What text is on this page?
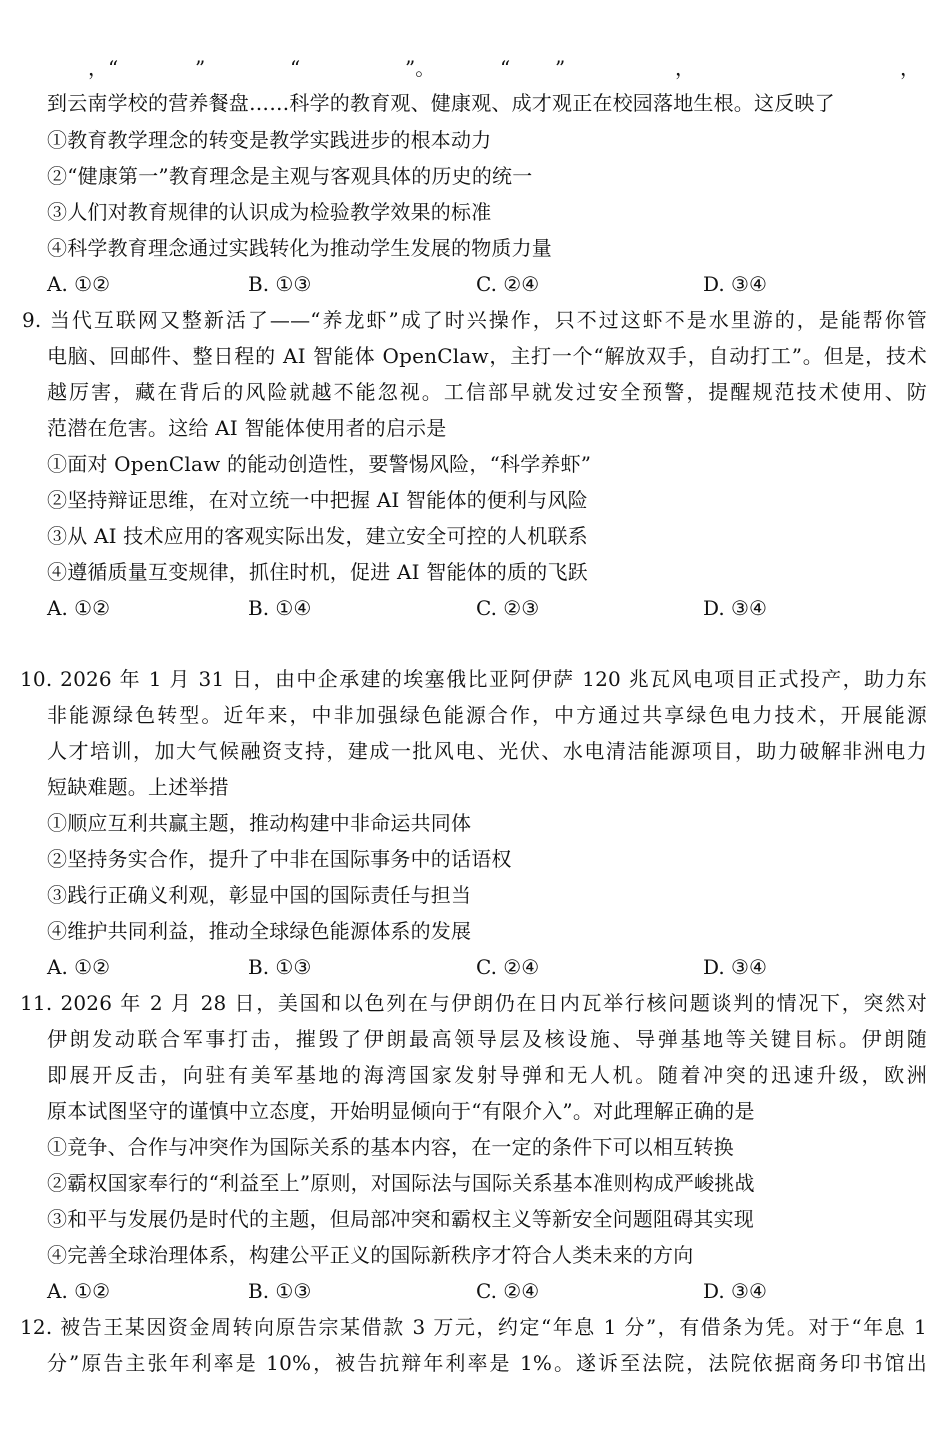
，“	”	“	”。	“ ”	，	，
到云南学校的营养餐盘……科学的教育观、健康观、成才观正在校园落地生根。这反映了
①教育教学理念的转变是教学实践进步的根本动力
②“健康第一”教育理念是主观与客观具体的历史的统一
③人们对教育规律的认识成为检验教学效果的标准
④科学教育理念通过实践转化为推动学生发展的物质力量
A. ①②	B. ①③	C. ②④	D. ③④
9. 当代互联网又整新活了——“养龙虾”成了时兴操作，只不过这虾不是水里游的，是能帮你管
电脑、回邮件、整日程的 AI 智能体 OpenClaw，主打一个“解放双手，自动打工”。但是，技术
越厉害，藏在背后的风险就越不能忽视。工信部早就发过安全预警，提醒规范技术使用、防
范潜在危害。这给 AI 智能体使用者的启示是
①面对 OpenClaw 的能动创造性，要警惕风险，“科学养虾”
②坚持辩证思维，在对立统一中把握 AI 智能体的便利与风险
③从 AI 技术应用的客观实际出发，建立安全可控的人机联系
④遵循质量互变规律，抓住时机，促进 AI 智能体的质的飞跃
A. ①②	B. ①④	C. ②③	D. ③④
10. 2026 年 1 月 31 日，由中企承建的埃塞俄比亚阿伊萨 120 兆瓦风电项目正式投产，助力东
非能源绿色转型。近年来，中非加强绿色能源合作，中方通过共享绿色电力技术，开展能源
人才培训，加大气候融资支持，建成一批风电、光伏、水电清洁能源项目，助力破解非洲电力
短缺难题。上述举措
①顺应互利共赢主题，推动构建中非命运共同体
②坚持务实合作，提升了中非在国际事务中的话语权
③践行正确义利观，彰显中国的国际责任与担当
④维护共同利益，推动全球绿色能源体系的发展
A. ①②	B. ①③	C. ②④	D. ③④
11. 2026 年 2 月 28 日，美国和以色列在与伊朗仍在日内瓦举行核问题谈判的情况下，突然对
伊朗发动联合军事打击，摧毁了伊朗最高领导层及核设施、导弹基地等关键目标。伊朗随
即展开反击，向驻有美军基地的海湾国家发射导弹和无人机。随着冲突的迅速升级，欧洲
原本试图坚守的谨慎中立态度，开始明显倾向于“有限介入”。对此理解正确的是
①竞争、合作与冲突作为国际关系的基本内容，在一定的条件下可以相互转换
②霸权国家奉行的“利益至上”原则，对国际法与国际关系基本准则构成严峻挑战
③和平与发展仍是时代的主题，但局部冲突和霸权主义等新安全问题阻碍其实现
④完善全球治理体系，构建公平正义的国际新秩序才符合人类未来的方向
A. ①②	B. ①③	C. ②④	D. ③④
12. 被告王某因资金周转向原告宗某借款 3 万元，约定“年息 1 分”，有借条为凭。对于“年息 1
分”原告主张年利率是 10%，被告抗辩年利率是 1%。遂诉至法院，法院依据商务印书馆出
